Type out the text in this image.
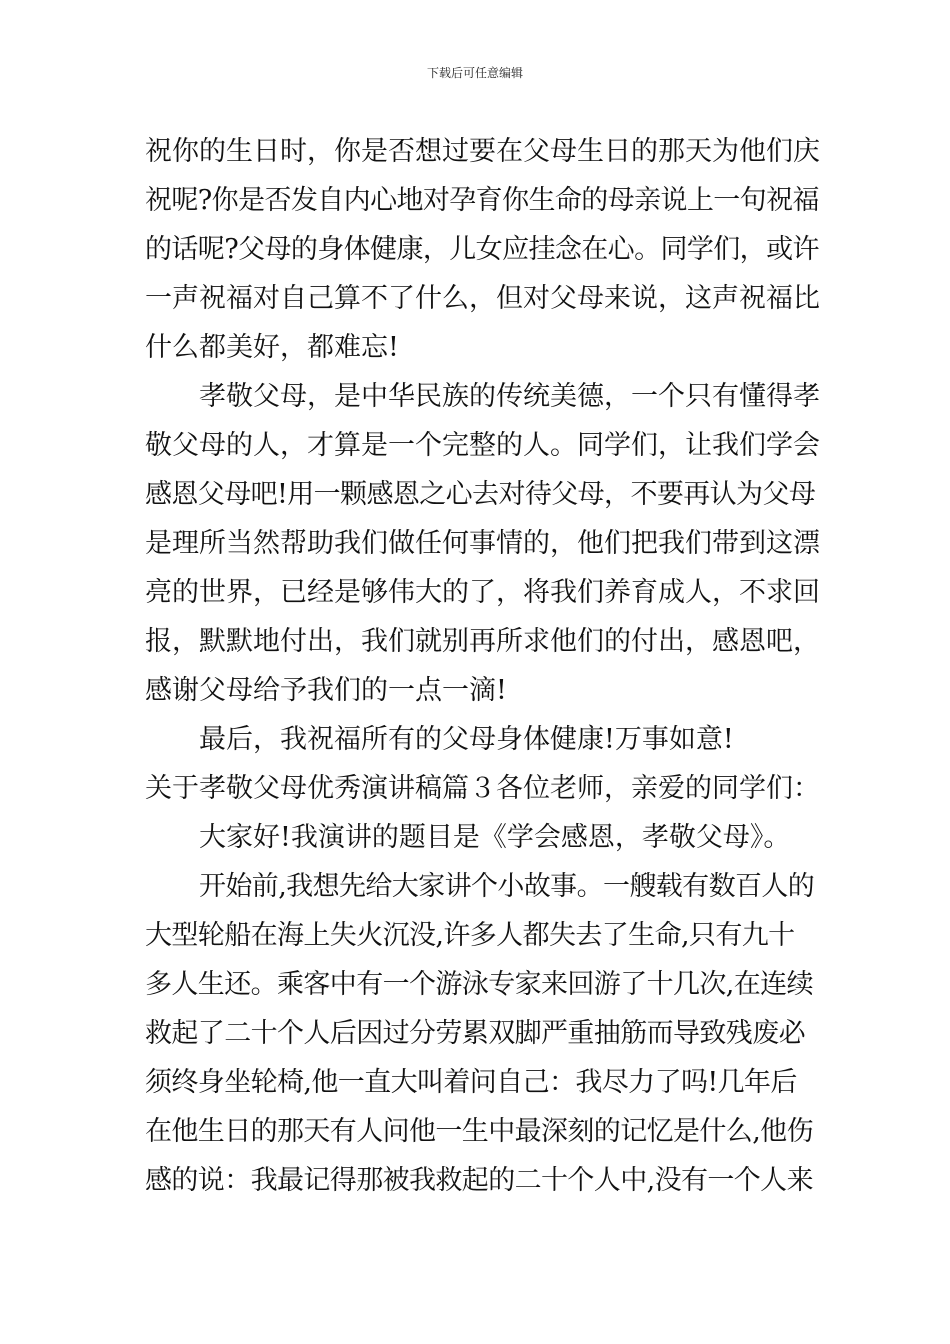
下载后可任意编辑
祝你的生日时，你是否想过要在父母生日的那天为他们庆
祝呢?你是否发自内心地对孕育你生命的母亲说上一句祝福
的话呢?父母的身体健康，儿女应挂念在心。同学们，或许
一声祝福对自己算不了什么，但对父母来说，这声祝福比
什么都美好，都难忘!
孝敬父母，是中华民族的传统美德，一个只有懂得孝
敬父母的人，才算是一个完整的人。同学们，让我们学会
感恩父母吧!用一颗感恩之心去对待父母，不要再认为父母
是理所当然帮助我们做任何事情的，他们把我们带到这漂
亮的世界，已经是够伟大的了，将我们养育成人，不求回
报，默默地付出，我们就别再所求他们的付出，感恩吧，
感谢父母给予我们的一点一滴!
最后，我祝福所有的父母身体健康!万事如意!
关于孝敬父母优秀演讲稿篇３ 各位老师，亲爱的同学们：
大家好!我演讲的题目是《学会感恩，孝敬父母》。
开始前,我想先给大家讲个小故事。一艘载有数百人的
大型轮船在海上失火沉没,许多人都失去了生命,只有九十
多人生还。乘客中有一个游泳专家来回游了十几次,在连续
救起了二十个人后因过分劳累双脚严重抽筋而导致残废必
须终身坐轮椅,他一直大叫着问自己：我尽力了吗!几年后
在他生日的那天有人问他一生中最深刻的记忆是什么,他伤
感的说：我最记得那被我救起的二十个人中,没有一个人来
